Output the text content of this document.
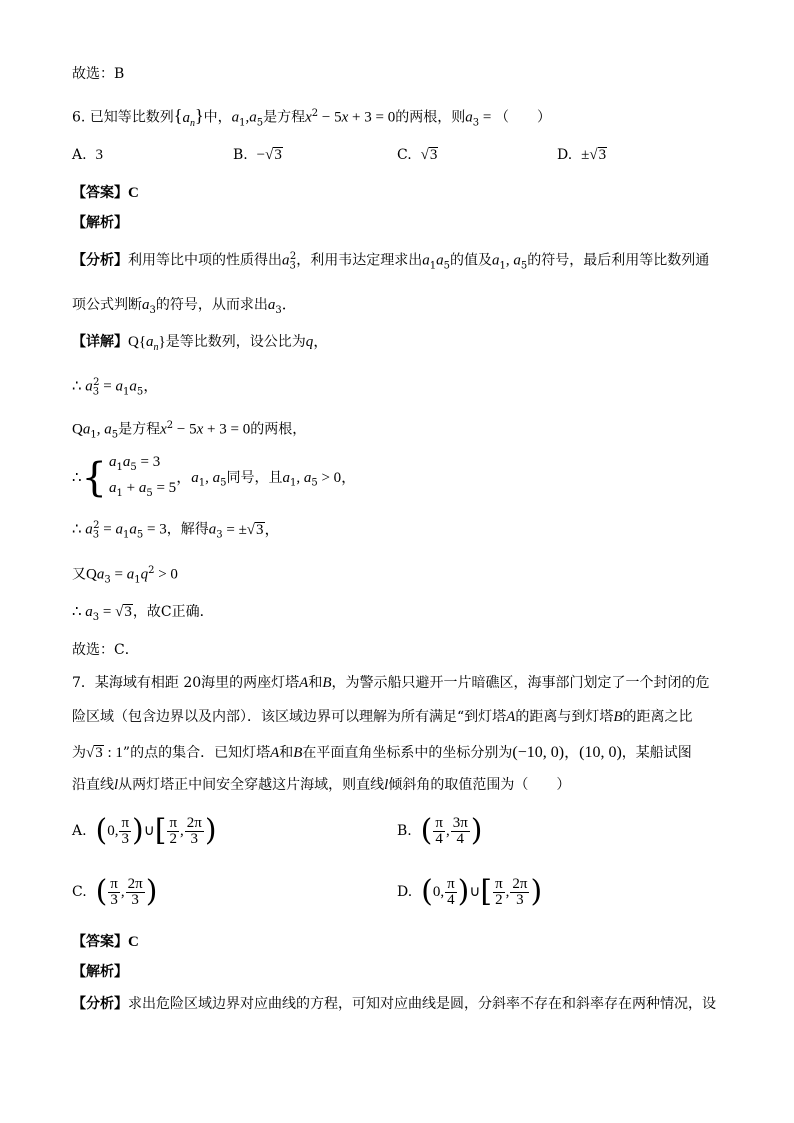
故选：B
6. 已知等比数列$\{a_n\}$中，$a_1,a_5$是方程$x^2 - 5x + 3 = 0$的两根，则$a_3$ = （　　）
A. 3	B. −√3	C. √3	D. ±√3
【答案】C
【解析】
【分析】利用等比中项的性质得出$a_3^2$，利用韦达定理求出$a_1a_5$的值及$a_1$, $a_5$的符号，最后利用等比数列通
项公式判断$a_3$的符号，从而求出$a_3$．
【详解】$Q\{a_n\}$是等比数列，设公比为q，
∴ $a_3^2 = a_1a_5$，
$Qa_1$, $a_5$是方程$x^2 - 5x + 3 = 0$的两根，
∴{ $a_1a_5 = 3$
$a_1 + a_5 = 5$
，$a_1$, $a_5$同号，且$a_1$, $a_5 > 0$，
∴ $a_3^2 = a_1a_5 = 3$，解得$a_3 = \pm√3$，
又$Qa_3 = a_1q^2 > 0$
∴ $a_3 = √3$，故C正确．
故选：C．
7．某海域有相距 20海里的两座灯塔A和B，为警示船只避开一片暗礁区，海事部门划定了一个封闭的危
险区域（包含边界以及内部）．该区域边界可以理解为所有满足“到灯塔A的距离与到灯塔B的距离之比
为√3 : 1”的点的集合．已知灯塔A和B在平面直角坐标系中的坐标分别为(−10, 0)，(10, 0)，某船试图
沿直线l从两灯塔正中间安全穿越这片海域，则直线l倾斜角的取值范围为（　　）
A. (0, $\frac{\pi}{3}$ )∪[ $\frac{\pi}{2}$ , $\frac{2\pi}{3}$ )	B. ( $\frac{\pi}{4}$ , $\frac{3\pi}{4}$ )
C. ( $\frac{\pi}{3}$ , $\frac{2\pi}{3}$ )	D. (0, $\frac{\pi}{4}$ )∪[ $\frac{\pi}{2}$ , $\frac{2\pi}{3}$ )
【答案】C
【解析】
【分析】求出危险区域边界对应曲线的方程，可知对应曲线是圆，分斜率不存在和斜率存在两种情况，设
